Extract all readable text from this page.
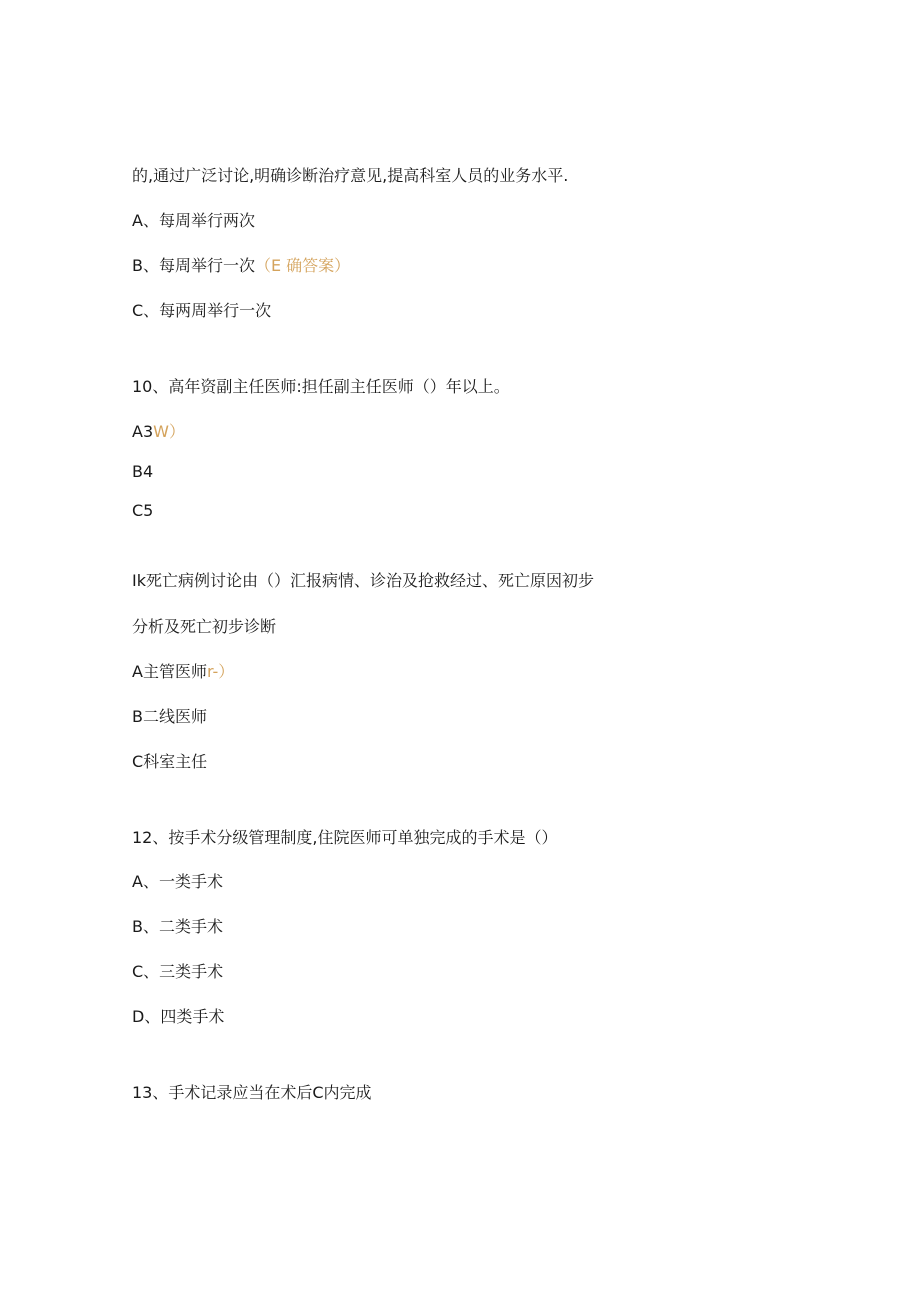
的,通过广泛讨论,明确诊断治疗意见,提高科室人员的业务水平.
A、每周举行两次
B、每周举行一次（E 确答案）
C、每两周举行一次
10、高年资副主任医师:担任副主任医师（）年以上。
A3W）
B4
C5
Ik死亡病例讨论由（）汇报病情、诊治及抢救经过、死亡原因初步
分析及死亡初步诊断
A主管医师r-）
B二线医师
C科室主任
12、按手术分级管理制度,住院医师可单独完成的手术是（）
A、一类手术
B、二类手术
C、三类手术
D、四类手术
13、手术记录应当在术后C内完成
